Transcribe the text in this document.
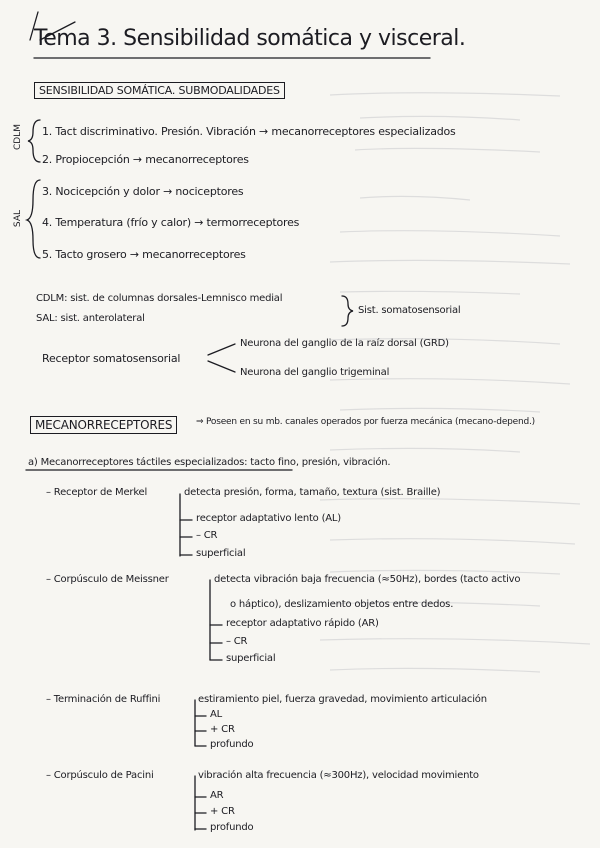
Tema 3. Sensibilidad somática y visceral.
SENSIBILIDAD SOMÁTICA. SUBMODALIDADES
CDLM
SAL
1. Tact discriminativo. Presión. Vibración → mecanorreceptores especializados
2. Propiocepción → mecanorreceptores
3. Nocicepción y dolor → nociceptores
4. Temperatura (frío y calor) → termorreceptores
5. Tacto grosero → mecanorreceptores
CDLM: sist. de columnas dorsales-Lemnisco medial
SAL: sist. anterolateral
Sist. somatosensorial
Receptor somatosensorial
Neurona del ganglio de la raíz dorsal (GRD)
Neurona del ganglio trigeminal
MECANORRECEPTORES	⇒ Poseen en su mb. canales operados por fuerza mecánica (mecano-depend.)
a) Mecanorreceptores táctiles especializados: tacto fino, presión, vibración.
– Receptor de Merkel	detecta presión, forma, tamaño, textura (sist. Braille)
receptor adaptativo lento (AL)
– CR
superficial
– Corpúsculo de Meissner	detecta vibración baja frecuencia (≈50Hz), bordes (tacto activo
o háptico), deslizamiento objetos entre dedos.
receptor adaptativo rápido (AR)
– CR
superficial
– Terminación de Ruffini	estiramiento piel, fuerza gravedad, movimiento articulación
AL
+ CR
profundo
– Corpúsculo de Pacini	vibración alta frecuencia (≈300Hz), velocidad movimiento
AR
+ CR
profundo
